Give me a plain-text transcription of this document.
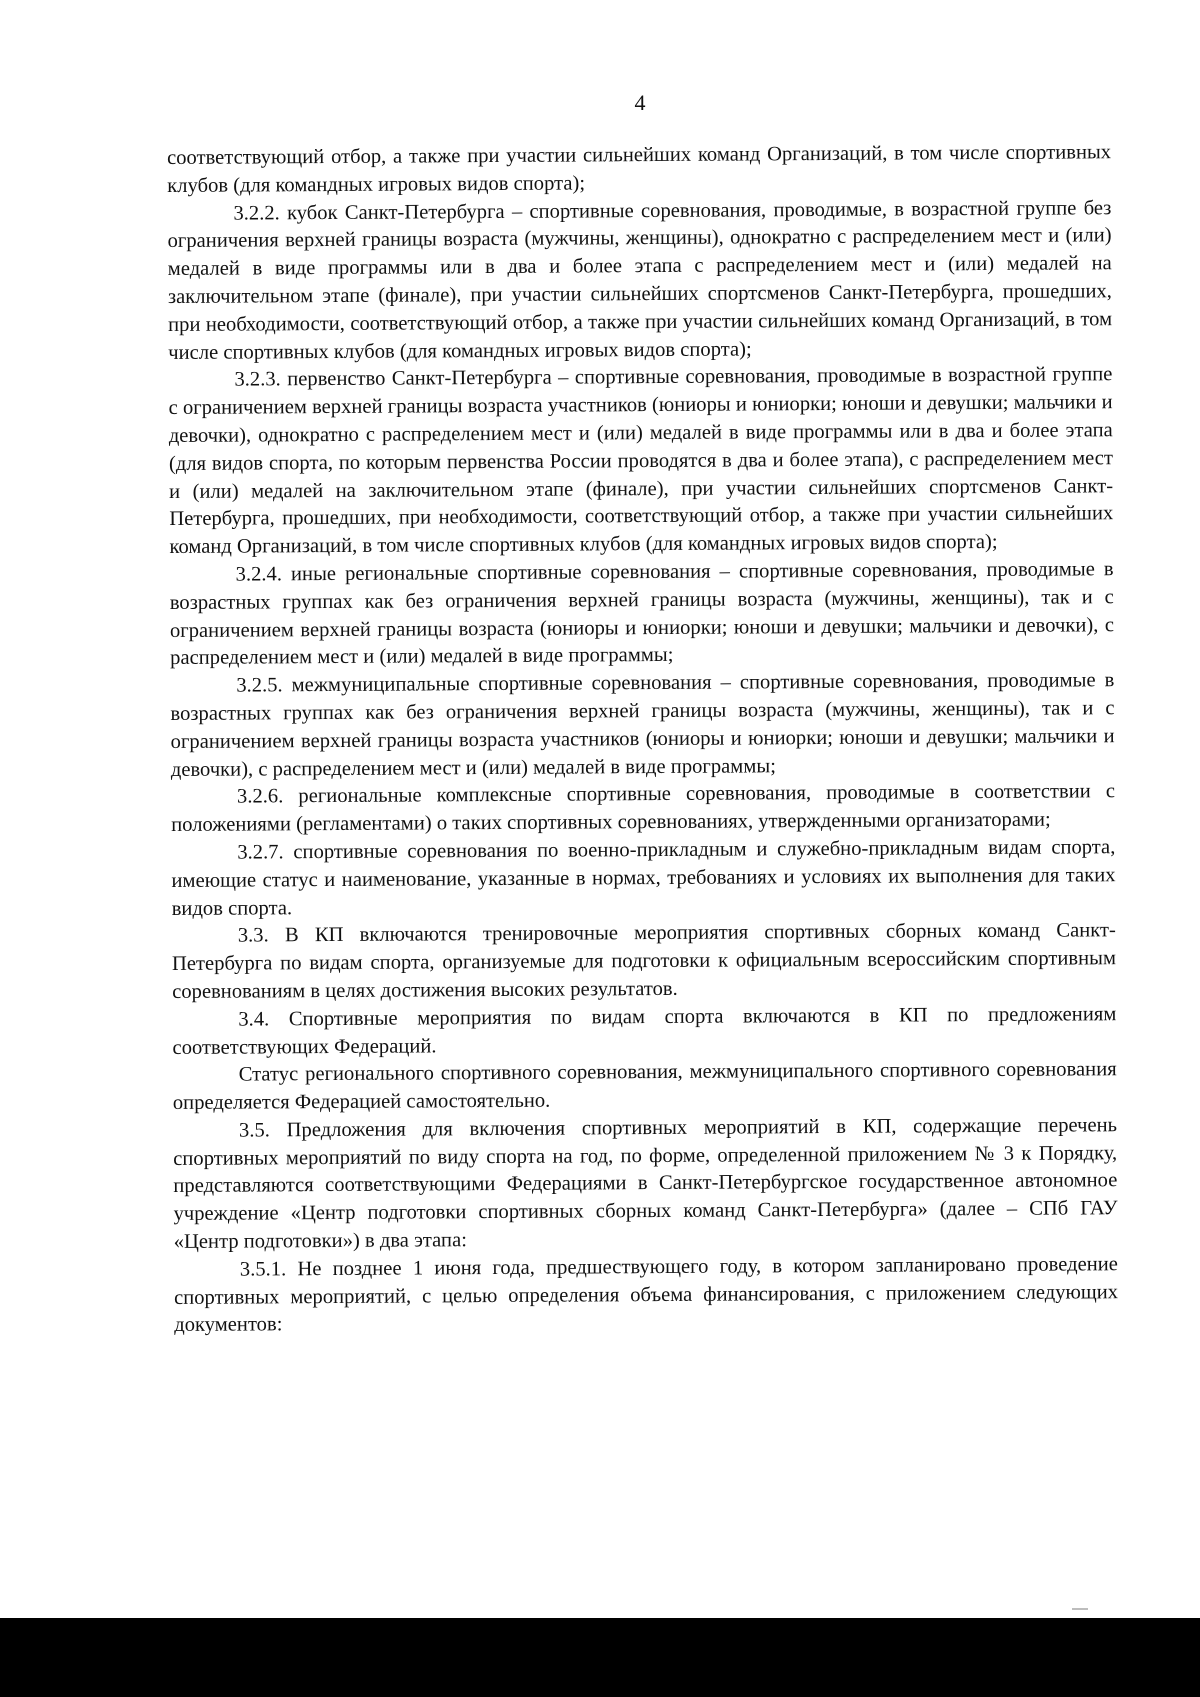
4

соответствующий отбор, а также при участии сильнейших команд Организаций, в том числе спортивных клубов (для командных игровых видов спорта);

3.2.2. кубок Санкт-Петербурга – спортивные соревнования, проводимые, в возрастной группе без ограничения верхней границы возраста (мужчины, женщины), однократно с распределением мест и (или) медалей в виде программы или в два и более этапа с распределением мест и (или) медалей на заключительном этапе (финале), при участии сильнейших спортсменов Санкт-Петербурга, прошедших, при необходимости, соответствующий отбор, а также при участии сильнейших команд Организаций, в том числе спортивных клубов (для командных игровых видов спорта);

3.2.3. первенство Санкт-Петербурга – спортивные соревнования, проводимые в возрастной группе с ограничением верхней границы возраста участников (юниоры и юниорки; юноши и девушки; мальчики и девочки), однократно с распределением мест и (или) медалей в виде программы или в два и более этапа (для видов спорта, по которым первенства России проводятся в два и более этапа), с распределением мест и (или) медалей на заключительном этапе (финале), при участии сильнейших спортсменов Санкт-Петербурга, прошедших, при необходимости, соответствующий отбор, а также при участии сильнейших команд Организаций, в том числе спортивных клубов (для командных игровых видов спорта);

3.2.4. иные региональные спортивные соревнования – спортивные соревнования, проводимые в возрастных группах как без ограничения верхней границы возраста (мужчины, женщины), так и с ограничением верхней границы возраста (юниоры и юниорки; юноши и девушки; мальчики и девочки), с распределением мест и (или) медалей в виде программы;

3.2.5. межмуниципальные спортивные соревнования – спортивные соревнования, проводимые в возрастных группах как без ограничения верхней границы возраста (мужчины, женщины), так и с ограничением верхней границы возраста участников (юниоры и юниорки; юноши и девушки; мальчики и девочки), с распределением мест и (или) медалей в виде программы;

3.2.6. региональные комплексные спортивные соревнования, проводимые в соответствии с положениями (регламентами) о таких спортивных соревнованиях, утвержденными организаторами;

3.2.7. спортивные соревнования по военно-прикладным и служебно-прикладным видам спорта, имеющие статус и наименование, указанные в нормах, требованиях и условиях их выполнения для таких видов спорта.

3.3. В КП включаются тренировочные мероприятия спортивных сборных команд Санкт-Петербурга по видам спорта, организуемые для подготовки к официальным всероссийским спортивным соревнованиям в целях достижения высоких результатов.

3.4. Спортивные мероприятия по видам спорта включаются в КП по предложениям соответствующих Федераций.

Статус регионального спортивного соревнования, межмуниципального спортивного соревнования определяется Федерацией самостоятельно.

3.5. Предложения для включения спортивных мероприятий в КП, содержащие перечень спортивных мероприятий по виду спорта на год, по форме, определенной приложением № 3 к Порядку, представляются соответствующими Федерациями в Санкт-Петербургское государственное автономное учреждение «Центр подготовки спортивных сборных команд Санкт-Петербурга» (далее – СПб ГАУ «Центр подготовки») в два этапа:

3.5.1. Не позднее 1 июня года, предшествующего году, в котором запланировано проведение спортивных мероприятий, с целью определения объема финансирования, с приложением следующих документов:
